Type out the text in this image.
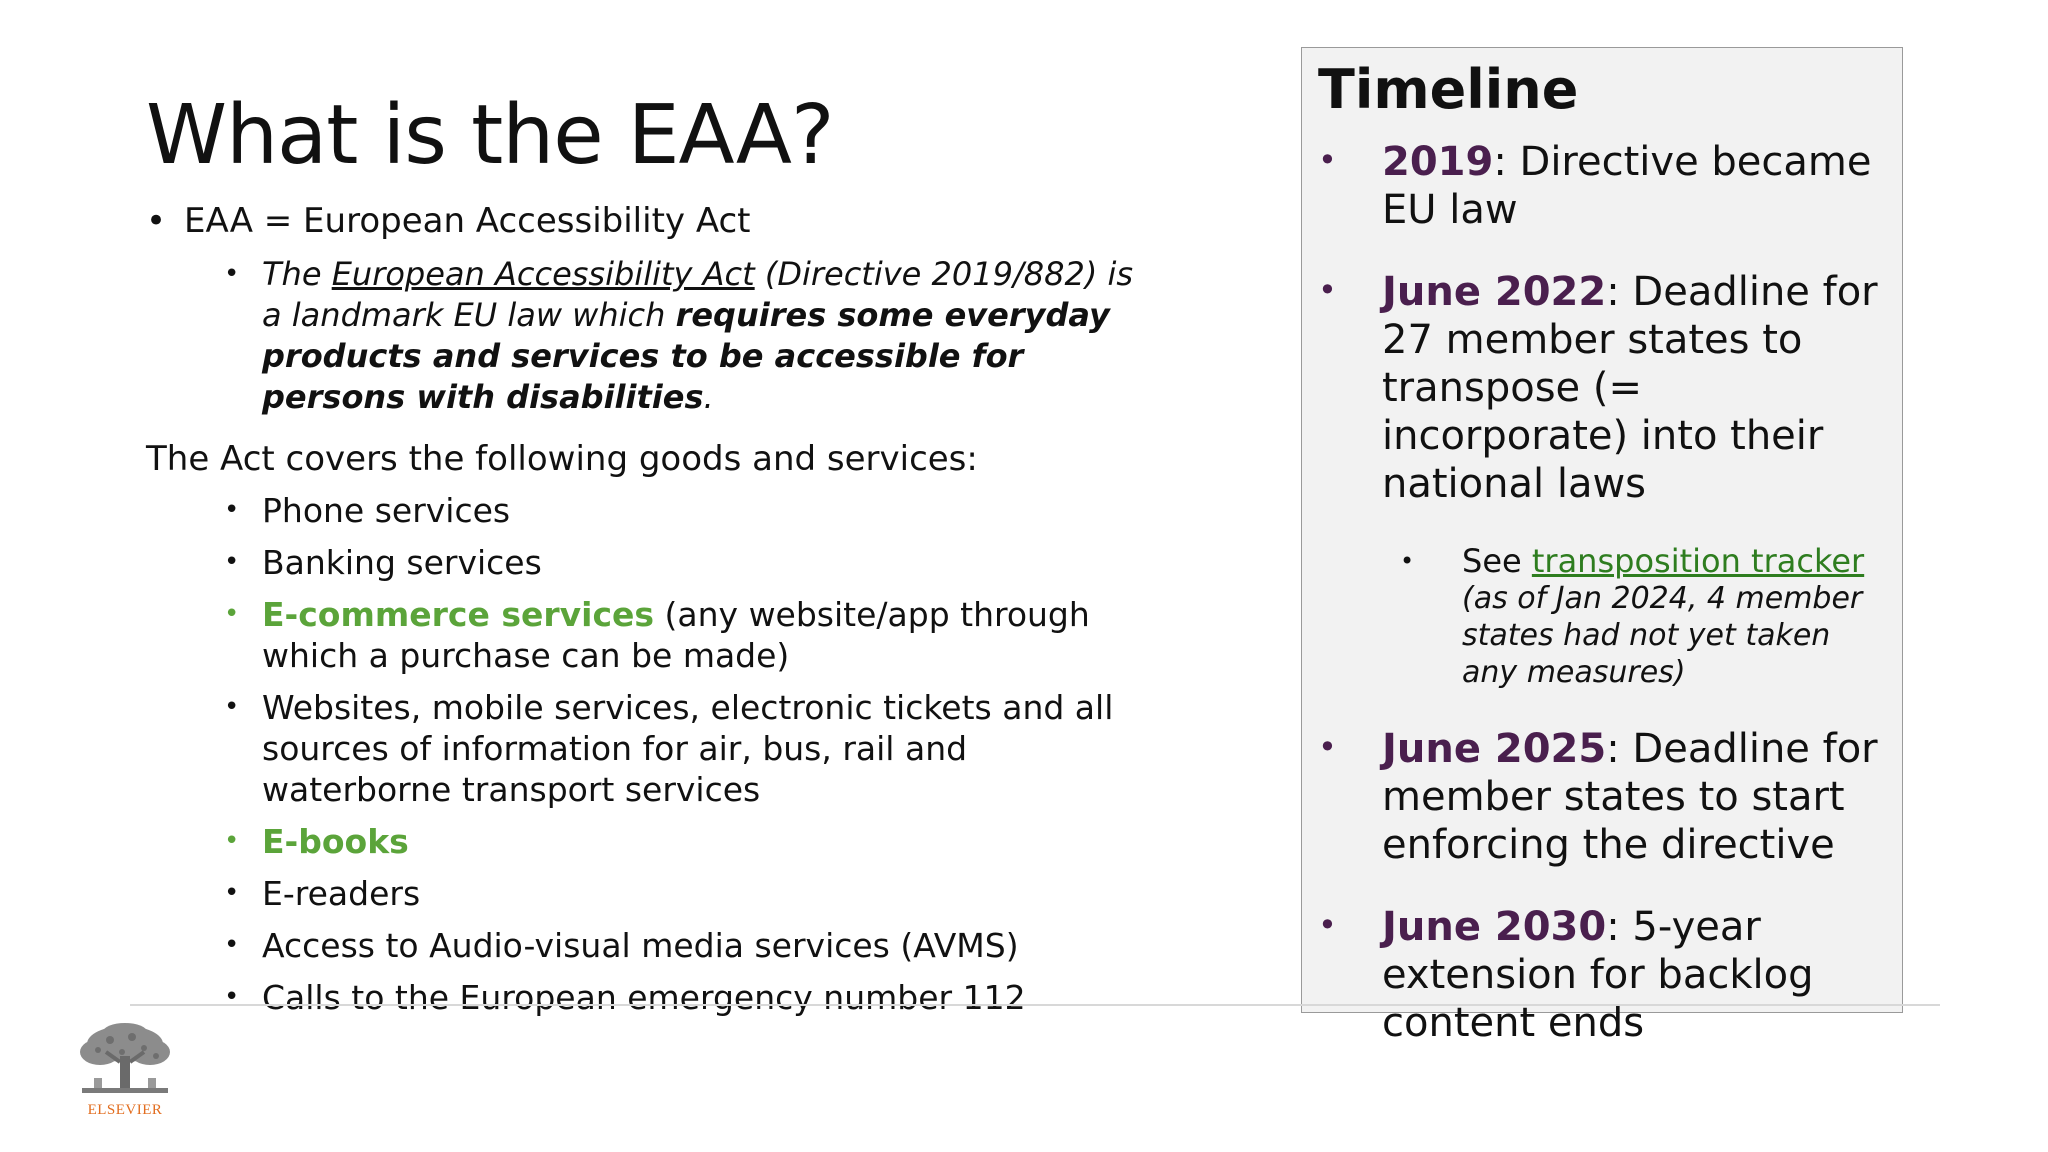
What is the EAA?
• EAA = European Accessibility Act
• The European Accessibility Act (Directive 2019/882) is a landmark EU law which requires some everyday products and services to be accessible for persons with disabilities.
The Act covers the following goods and services:
• Phone services
• Banking services
• E-commerce services (any website/app through which a purchase can be made)
• Websites, mobile services, electronic tickets and all sources of information for air, bus, rail and waterborne transport services
• E-books
• E-readers
• Access to Audio-visual media services (AVMS)
• Calls to the European emergency number 112
Timeline
• 2019: Directive became EU law
• June 2022: Deadline for 27 member states to transpose (= incorporate) into their national laws
• See transposition tracker
(as of Jan 2024, 4 member states had not yet taken any measures)
• June 2025: Deadline for member states to start enforcing the directive
• June 2030: 5-year extension for backlog content ends
ELSEVIER
